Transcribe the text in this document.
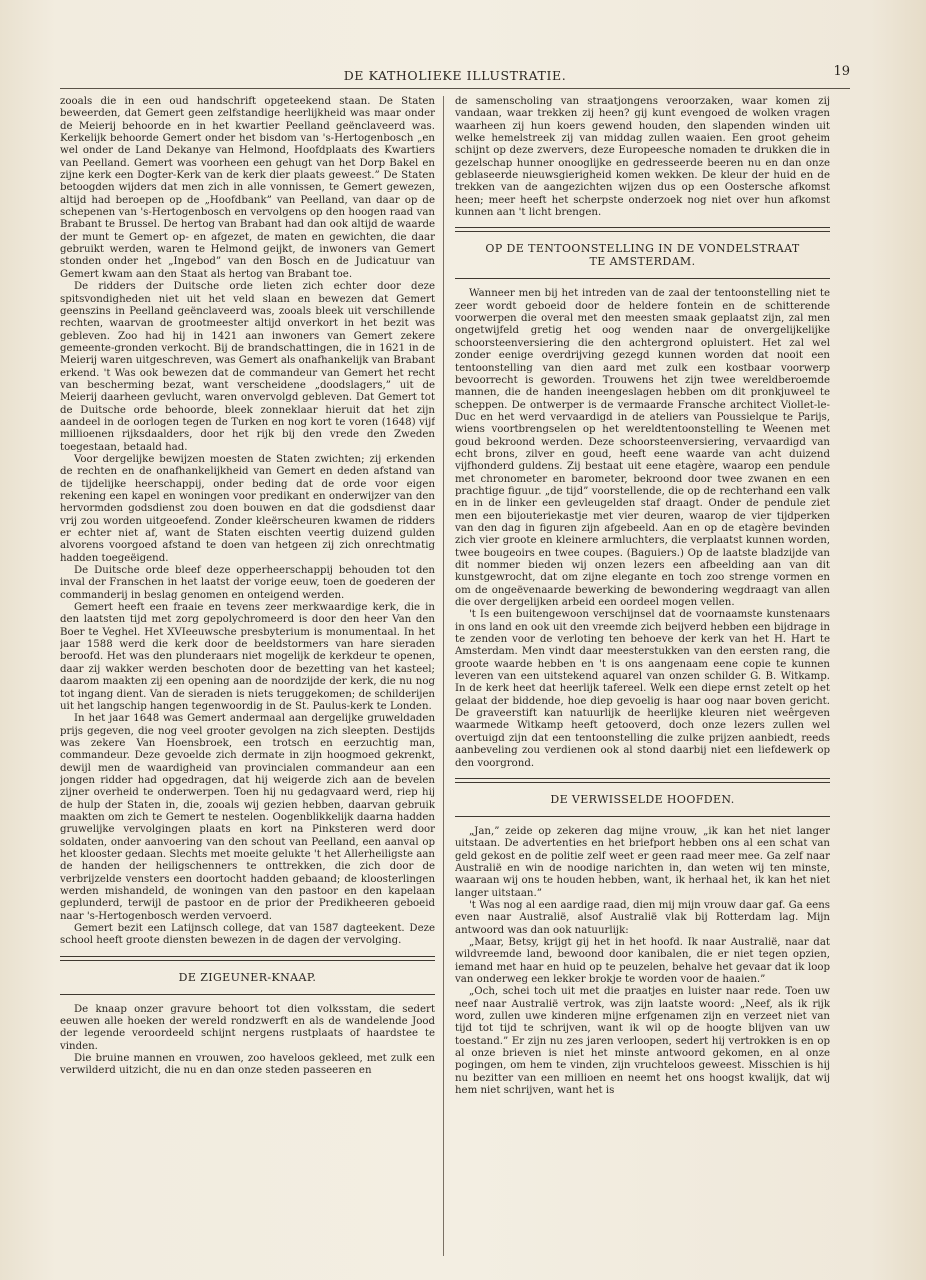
DE KATHOLIEKE ILLUSTRATIE.	19

zooals die in een oud handschrift opgeteekend staan. De Staten beweerden, dat Gemert geen zelfstandige heerlijkheid was maar onder de Meierij behoorde en in het kwartier Peelland geënclaveerd was. Kerkelijk behoorde Gemert onder het bisdom van 's-Hertogenbosch „en wel onder de Land Dekanye van Helmond, Hoofdplaats des Kwartiers van Peelland. Gemert was voorheen een gehugt van het Dorp Bakel en zijne kerk een Dogter-Kerk van de kerk dier plaats geweest.” De Staten betoogden wijders dat men zich in alle vonnissen, te Gemert gewezen, altijd had beroepen op de „Hoofdbank” van Peelland, van daar op de schepenen van 's-Hertogenbosch en vervolgens op den hoogen raad van Brabant te Brussel. De hertog van Brabant had dan ook altijd de waarde der munt te Gemert op- en afgezet, de maten en gewichten, die daar gebruikt werden, waren te Helmond geijkt, de inwoners van Gemert stonden onder het „Ingebod” van den Bosch en de Judicatuur van Gemert kwam aan den Staat als hertog van Brabant toe.

De ridders der Duitsche orde lieten zich echter door deze spitsvondigheden niet uit het veld slaan en bewezen dat Gemert geenszins in Peelland geënclaveerd was, zooals bleek uit verschillende rechten, waarvan de grootmeester altijd onverkort in het bezit was gebleven. Zoo had hij in 1421 aan inwoners van Gemert zekere gemeente-gronden verkocht. Bij de brandschattingen, die in 1621 in de Meierij waren uitgeschreven, was Gemert als onafhankelijk van Brabant erkend. 't Was ook bewezen dat de commandeur van Gemert het recht van bescherming bezat, want verscheidene „doodslagers,” uit de Meierij daarheen gevlucht, waren onvervolgd gebleven. Dat Gemert tot de Duitsche orde behoorde, bleek zonneklaar hieruit dat het zijn aandeel in de oorlogen tegen de Turken en nog kort te voren (1648) vijf millioenen rijksdaalders, door het rijk bij den vrede den Zweden toegestaan, betaald had.

Voor dergelijke bewijzen moesten de Staten zwichten; zij erkenden de rechten en de onafhankelijkheid van Gemert en deden afstand van de tijdelijke heerschappij, onder beding dat de orde voor eigen rekening een kapel en woningen voor predikant en onderwijzer van den hervormden godsdienst zou doen bouwen en dat die godsdienst daar vrij zou worden uitgeoefend. Zonder kleërscheuren kwamen de ridders er echter niet af, want de Staten eischten veertig duizend gulden alvorens voorgoed afstand te doen van hetgeen zij zich onrechtmatig hadden toegeëigend.

De Duitsche orde bleef deze opperheerschappij behouden tot den inval der Franschen in het laatst der vorige eeuw, toen de goederen der commanderij in beslag genomen en onteigend werden.

Gemert heeft een fraaie en tevens zeer merkwaardige kerk, die in den laatsten tijd met zorg gepolychromeerd is door den heer Van den Boer te Veghel. Het XVIeeuwsche presbyterium is monumentaal. In het jaar 1588 werd die kerk door de beeldstormers van hare sieraden beroofd. Het was den plunderaars niet mogelijk de kerkdeur te openen, daar zij wakker werden beschoten door de bezetting van het kasteel; daarom maakten zij een opening aan de noordzijde der kerk, die nu nog tot ingang dient. Van de sieraden is niets teruggekomen; de schilderijen uit het langschip hangen tegenwoordig in de St. Paulus-kerk te Londen.

In het jaar 1648 was Gemert andermaal aan dergelijke gruweldaden prijs gegeven, die nog veel grooter gevolgen na zich sleepten. Destijds was zekere Van Hoensbroek, een trotsch en eerzuchtig man, commandeur. Deze gevoelde zich dermate in zijn hoogmoed gekrenkt, dewijl men de waardigheid van provincialen commandeur aan een jongen ridder had opgedragen, dat hij weigerde zich aan de bevelen zijner overheid te onderwerpen. Toen hij nu gedagvaard werd, riep hij de hulp der Staten in, die, zooals wij gezien hebben, daarvan gebruik maakten om zich te Gemert te nestelen. Oogenblikkelijk daarna hadden gruwelijke vervolgingen plaats en kort na Pinksteren werd door soldaten, onder aanvoering van den schout van Peelland, een aanval op het klooster gedaan. Slechts met moeite gelukte 't het Allerheiligste aan de handen der heiligschenners te onttrekken, die zich door de verbrijzelde vensters een doortocht hadden gebaand; de kloosterlingen werden mishandeld, de woningen van den pastoor en den kapelaan geplunderd, terwijl de pastoor en de prior der Predikheeren geboeid naar 's-Hertogenbosch werden vervoerd.

Gemert bezit een Latijnsch college, dat van 1587 dagteekent. Deze school heeft groote diensten bewezen in de dagen der vervolging.

DE ZIGEUNER-KNAAP.

De knaap onzer gravure behoort tot dien volksstam, die sedert eeuwen alle hoeken der wereld rondzwerft en als de wandelende Jood der legende veroordeeld schijnt nergens rustplaats of haardstee te vinden.

Die bruine mannen en vrouwen, zoo haveloos gekleed, met zulk een verwilderd uitzicht, die nu en dan onze steden passeeren en

de samenscholing van straatjongens veroorzaken, waar komen zij vandaan, waar trekken zij heen? gij kunt evengoed de wolken vragen waarheen zij hun koers gewend houden, den slapenden winden uit welke hemelstreek zij van middag zullen waaien. Een groot geheim schijnt op deze zwervers, deze Europeesche nomaden te drukken die in gezelschap hunner onooglijke en gedresseerde beeren nu en dan onze geblaseerde nieuwsgierigheid komen wekken. De kleur der huid en de trekken van de aangezichten wijzen dus op een Oostersche afkomst heen; meer heeft het scherpste onderzoek nog niet over hun afkomst kunnen aan 't licht brengen.

OP DE TENTOONSTELLING IN DE VONDELSTRAAT
TE AMSTERDAM.

Wanneer men bij het intreden van de zaal der tentoonstelling niet te zeer wordt geboeid door de heldere fontein en de schitterende voorwerpen die overal met den meesten smaak geplaatst zijn, zal men ongetwijfeld gretig het oog wenden naar de onvergelijkelijke schoorsteenversiering die den achtergrond opluistert. Het zal wel zonder eenige overdrijving gezegd kunnen worden dat nooit een tentoonstelling van dien aard met zulk een kostbaar voorwerp bevoorrecht is geworden. Trouwens het zijn twee wereldberoemde mannen, die de handen ineengeslagen hebben om dit pronkjuweel te scheppen. De ontwerper is de vermaarde Fransche architect Viollet-le-Duc en het werd vervaardigd in de ateliers van Poussielque te Parijs, wiens voortbrengselen op het wereldtentoonstelling te Weenen met goud bekroond werden. Deze schoorsteenversiering, vervaardigd van echt brons, zilver en goud, heeft eene waarde van acht duizend vijfhonderd guldens. Zij bestaat uit eene etagère, waarop een pendule met chronometer en barometer, bekroond door twee zwanen en een prachtige figuur. „de tijd” voorstellende, die op de rechterhand een valk en in de linker een gevleugelden staf draagt. Onder de pendule ziet men een bijouteriekastje met vier deuren, waarop de vier tijdperken van den dag in figuren zijn afgebeeld. Aan en op de etagère bevinden zich vier groote en kleinere armluchters, die verplaatst kunnen worden, twee bougeoirs en twee coupes. (Baguiers.) Op de laatste bladzijde van dit nommer bieden wij onzen lezers een afbeelding aan van dit kunstgewrocht, dat om zijne elegante en toch zoo strenge vormen en om de ongeëvenaarde bewerking de bewondering wegdraagt van allen die over dergelijken arbeid een oordeel mogen vellen.

't Is een buitengewoon verschijnsel dat de voornaamste kunstenaars in ons land en ook uit den vreemde zich beijverd hebben een bijdrage in te zenden voor de verloting ten behoeve der kerk van het H. Hart te Amsterdam. Men vindt daar meesterstukken van den eersten rang, die groote waarde hebben en 't is ons aangenaam eene copie te kunnen leveren van een uitstekend aquarel van onzen schilder G. B. Witkamp. In de kerk heet dat heerlijk tafereel. Welk een diepe ernst zetelt op het gelaat der biddende, hoe diep gevoelig is haar oog naar boven gericht. De graveerstift kan natuurlijk de heerlijke kleuren niet weêrgeven waarmede Witkamp heeft getooverd, doch onze lezers zullen wel overtuigd zijn dat een tentoonstelling die zulke prijzen aanbiedt, reeds aanbeveling zou verdienen ook al stond daarbij niet een liefdewerk op den voorgrond.

DE VERWISSELDE HOOFDEN.

„Jan,” zeide op zekeren dag mijne vrouw, „ik kan het niet langer uitstaan. De advertenties en het briefport hebben ons al een schat van geld gekost en de politie zelf weet er geen raad meer mee. Ga zelf naar Australië en win de noodige narichten in, dan weten wij ten minste, waaraan wij ons te houden hebben, want, ik herhaal het, ik kan het niet langer uitstaan.”

't Was nog al een aardige raad, dien mij mijn vrouw daar gaf. Ga eens even naar Australië, alsof Australië vlak bij Rotterdam lag. Mijn antwoord was dan ook natuurlijk:

„Maar, Betsy, krijgt gij het in het hoofd. Ik naar Australië, naar dat wildvreemde land, bewoond door kanibalen, die er niet tegen opzien, iemand met haar en huid op te peuzelen, behalve het gevaar dat ik loop van onderweg een lekker brokje te worden voor de haaien.”

„Och, schei toch uit met die praatjes en luister naar rede. Toen uw neef naar Australië vertrok, was zijn laatste woord: „Neef, als ik rijk word, zullen uwe kinderen mijne erfgenamen zijn en verzeet niet van tijd tot tijd te schrijven, want ik wil op de hoogte blijven van uw toestand.” Er zijn nu zes jaren verloopen, sedert hij vertrokken is en op al onze brieven is niet het minste antwoord gekomen, en al onze pogingen, om hem te vinden, zijn vruchteloos geweest. Misschien is hij nu bezitter van een millioen en neemt het ons hoogst kwalijk, dat wij hem niet schrijven, want het is
